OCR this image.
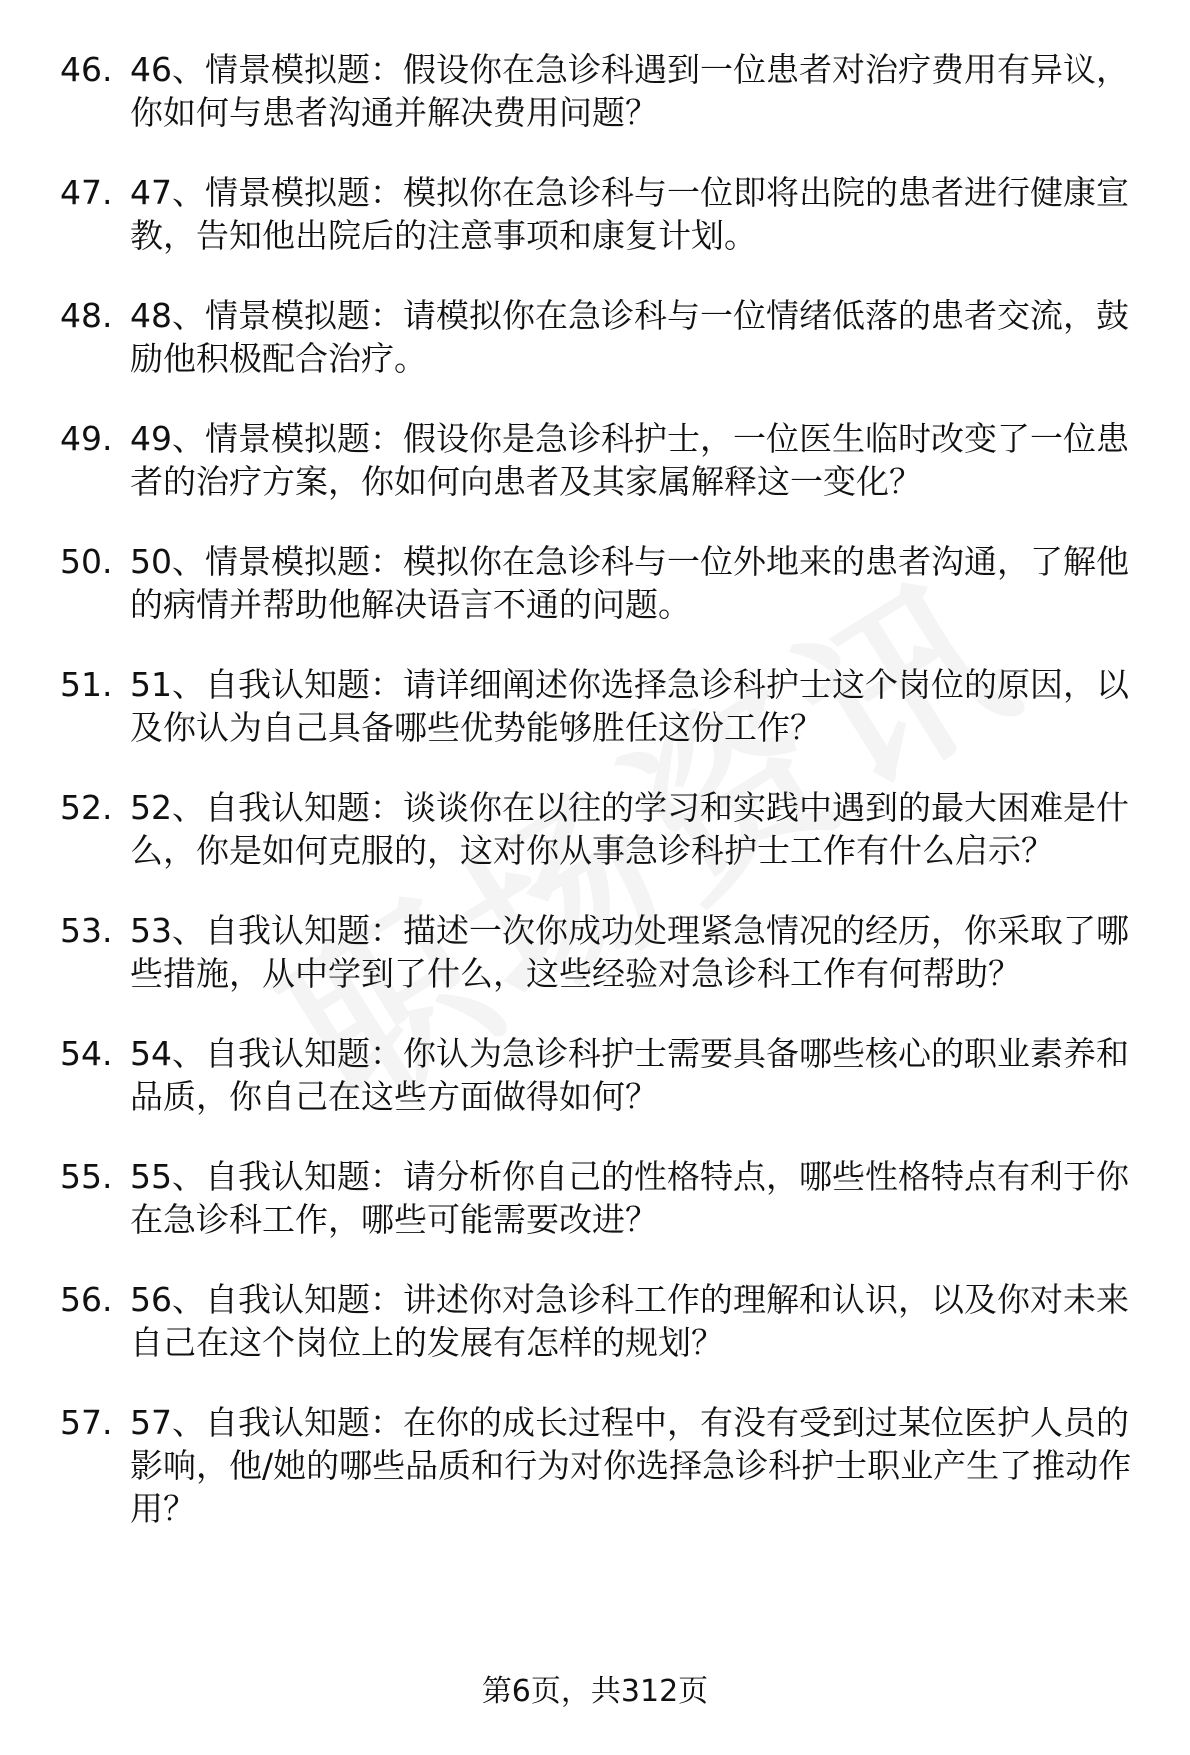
46. 46、情景模拟题：假设你在急诊科遇到一位患者对治疗费用有异议，你如何与患者沟通并解决费用问题？
47. 47、情景模拟题：模拟你在急诊科与一位即将出院的患者进行健康宣教，告知他出院后的注意事项和康复计划。
48. 48、情景模拟题：请模拟你在急诊科与一位情绪低落的患者交流，鼓励他积极配合治疗。
49. 49、情景模拟题：假设你是急诊科护士，一位医生临时改变了一位患者的治疗方案，你如何向患者及其家属解释这一变化？
50. 50、情景模拟题：模拟你在急诊科与一位外地来的患者沟通，了解他的病情并帮助他解决语言不通的问题。
51. 51、自我认知题：请详细阐述你选择急诊科护士这个岗位的原因，以及你认为自己具备哪些优势能够胜任这份工作？
52. 52、自我认知题：谈谈你在以往的学习和实践中遇到的最大困难是什么，你是如何克服的，这对你从事急诊科护士工作有什么启示？
53. 53、自我认知题：描述一次你成功处理紧急情况的经历，你采取了哪些措施，从中学到了什么，这些经验对急诊科工作有何帮助？
54. 54、自我认知题：你认为急诊科护士需要具备哪些核心的职业素养和品质，你自己在这些方面做得如何？
55. 55、自我认知题：请分析你自己的性格特点，哪些性格特点有利于你在急诊科工作，哪些可能需要改进？
56. 56、自我认知题：讲述你对急诊科工作的理解和认识，以及你对未来自己在这个岗位上的发展有怎样的规划？
57. 57、自我认知题：在你的成长过程中，有没有受到过某位医护人员的影响，他/她的哪些品质和行为对你选择急诊科护士职业产生了推动作用？
第6页，共312页
